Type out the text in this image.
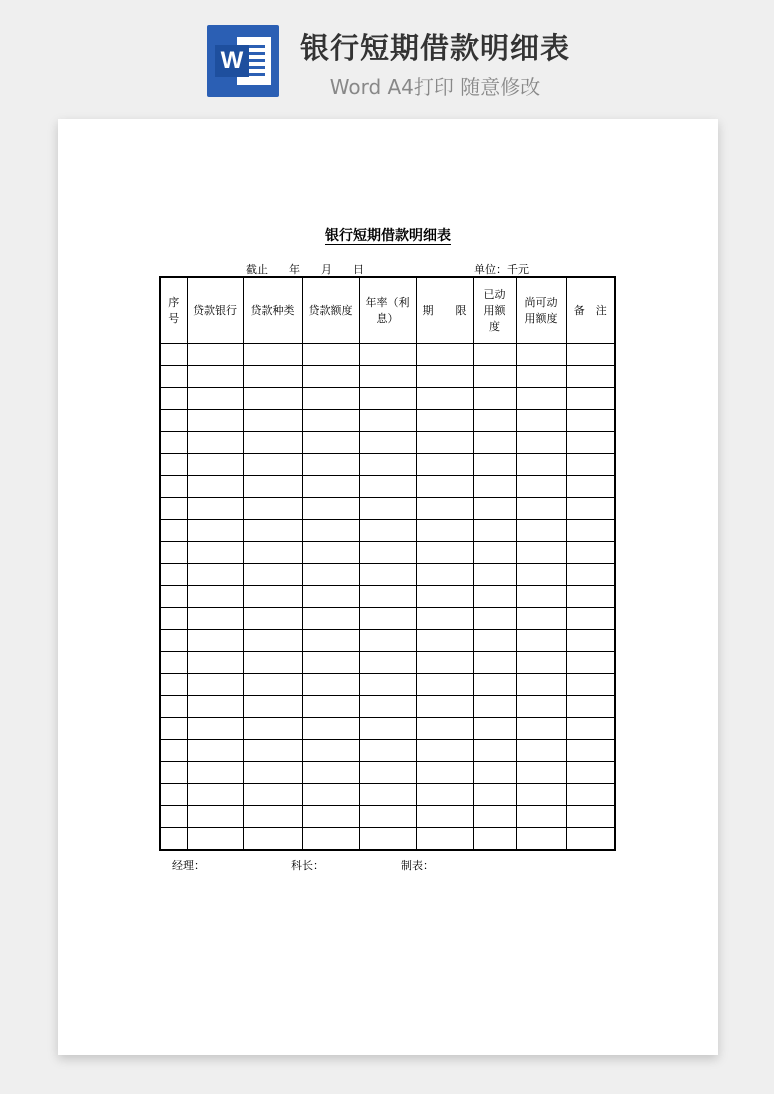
W 银行短期借款明细表
Word A4打印 随意修改
银行短期借款明细表
截止      年      月      日	单位：千元
序号	贷款银行	贷款种类	贷款额度	年率（利息）	期　　限	已动用额度	尚可动用额度	备　注

经理：	科长：	制表：
